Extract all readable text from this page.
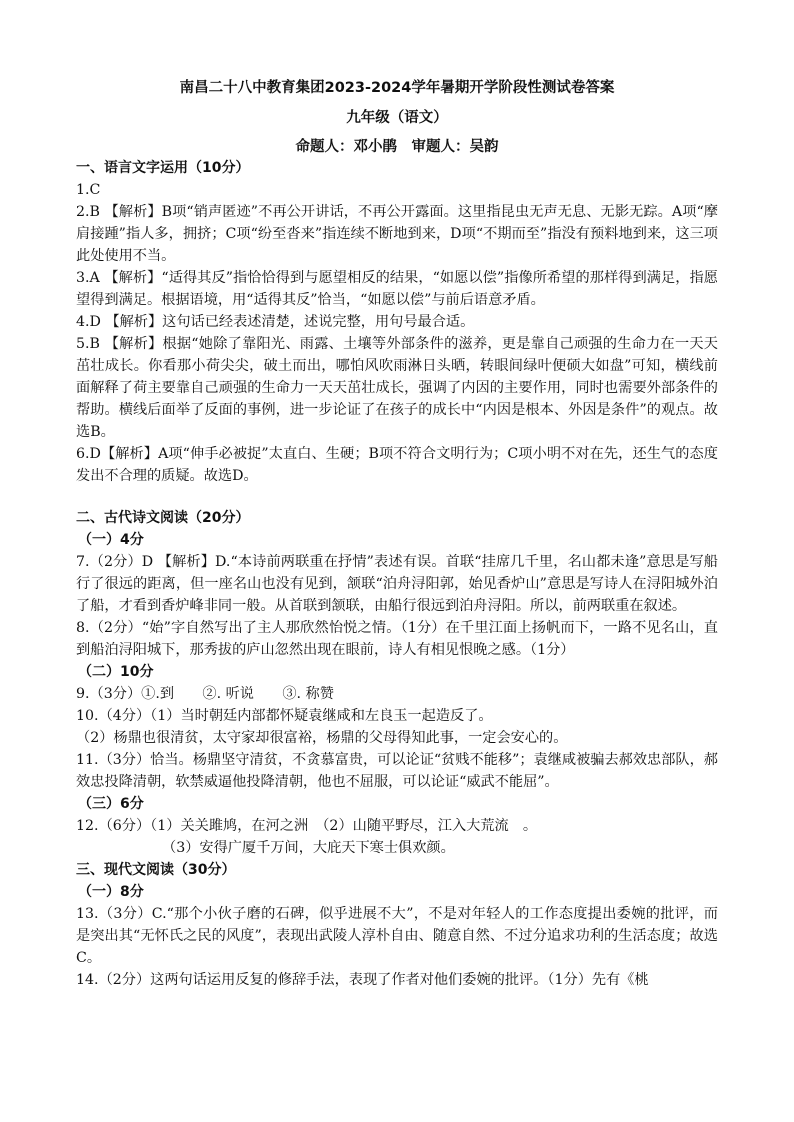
南昌二十八中教育集团2023-2024学年暑期开学阶段性测试卷答案
九年级（语文）
命题人：邓小鹃　审题人：吴韵
一、语言文字运用（10分）

1.C

2.B 【解析】B项“销声匿迹”不再公开讲话，不再公开露面。这里指昆虫无声无息、无影无踪。A项“摩肩接踵”指人多，拥挤；C项“纷至沓来”指连续不断地到来，D项“不期而至”指没有预料地到来，这三项此处使用不当。

3.A 【解析】“适得其反”指恰恰得到与愿望相反的结果，“如愿以偿”指像所希望的那样得到满足，指愿望得到满足。根据语境，用“适得其反”恰当，“如愿以偿”与前后语意矛盾。

4.D 【解析】这句话已经表述清楚，述说完整，用句号最合适。

5.B 【解析】根据“她除了靠阳光、雨露、土壤等外部条件的滋养，更是靠自己顽强的生命力在一天天茁壮成长。你看那小荷尖尖，破土而出，哪怕风吹雨淋日头晒，转眼间绿叶便硕大如盘”可知，横线前面解释了荷主要靠自己顽强的生命力一天天茁壮成长，强调了内因的主要作用，同时也需要外部条件的帮助。横线后面举了反面的事例，进一步论证了在孩子的成长中“内因是根本、外因是条件”的观点。故选B。

6.D【解析】A项“伸手必被捉”太直白、生硬；B项不符合文明行为；C项小明不对在先，还生气的态度发出不合理的质疑。故选D。

二、古代诗文阅读（20分）
（一）4分

7.（2分）D 【解析】D.“本诗前两联重在抒情”表述有误。首联“挂席几千里，名山都未逢”意思是写船行了很远的距离，但一座名山也没有见到，颔联“泊舟浔阳郭，始见香炉山”意思是写诗人在浔阳城外泊了船，才看到香炉峰非同一般。从首联到颔联，由船行很远到泊舟浔阳。所以，前两联重在叙述。

8.（2分）“始”字自然写出了主人那欣然怡悦之情。（1分）在千里江面上扬帆而下，一路不见名山，直到船泊浔阳城下，那秀拔的庐山忽然出现在眼前，诗人有相见恨晚之感。（1分）

（二）10分

9.（3分）①.到　　②. 听说　　③. 称赞

10.（4分）（1）当时朝廷内部都怀疑袁继咸和左良玉一起造反了。

（2）杨鼎也很清贫，太守家却很富裕，杨鼎的父母得知此事，一定会安心的。

11.（3分）恰当。杨鼎坚守清贫，不贪慕富贵，可以论证“贫贱不能移”；袁继咸被骗去郝效忠部队，郝效忠投降清朝，软禁威逼他投降清朝，他也不屈服，可以论证“威武不能屈”。

（三）6分

12.（6分）（1）关关雎鸠，在河之洲　（2）山随平野尽，江入大荒流　。

（3）安得广厦千万间，大庇天下寒士俱欢颜。

三、现代文阅读（30分）
（一）8分

13.（3分）C.“那个小伙子磨的石碑，似乎进展不大”，不是对年轻人的工作态度提出委婉的批评，而是突出其“无怀氏之民的风度”，表现出武陵人淳朴自由、随意自然、不过分追求功利的生活态度；故选C。

14.（2分）这两句话运用反复的修辞手法，表现了作者对他们委婉的批评。（1分）先有《桃
